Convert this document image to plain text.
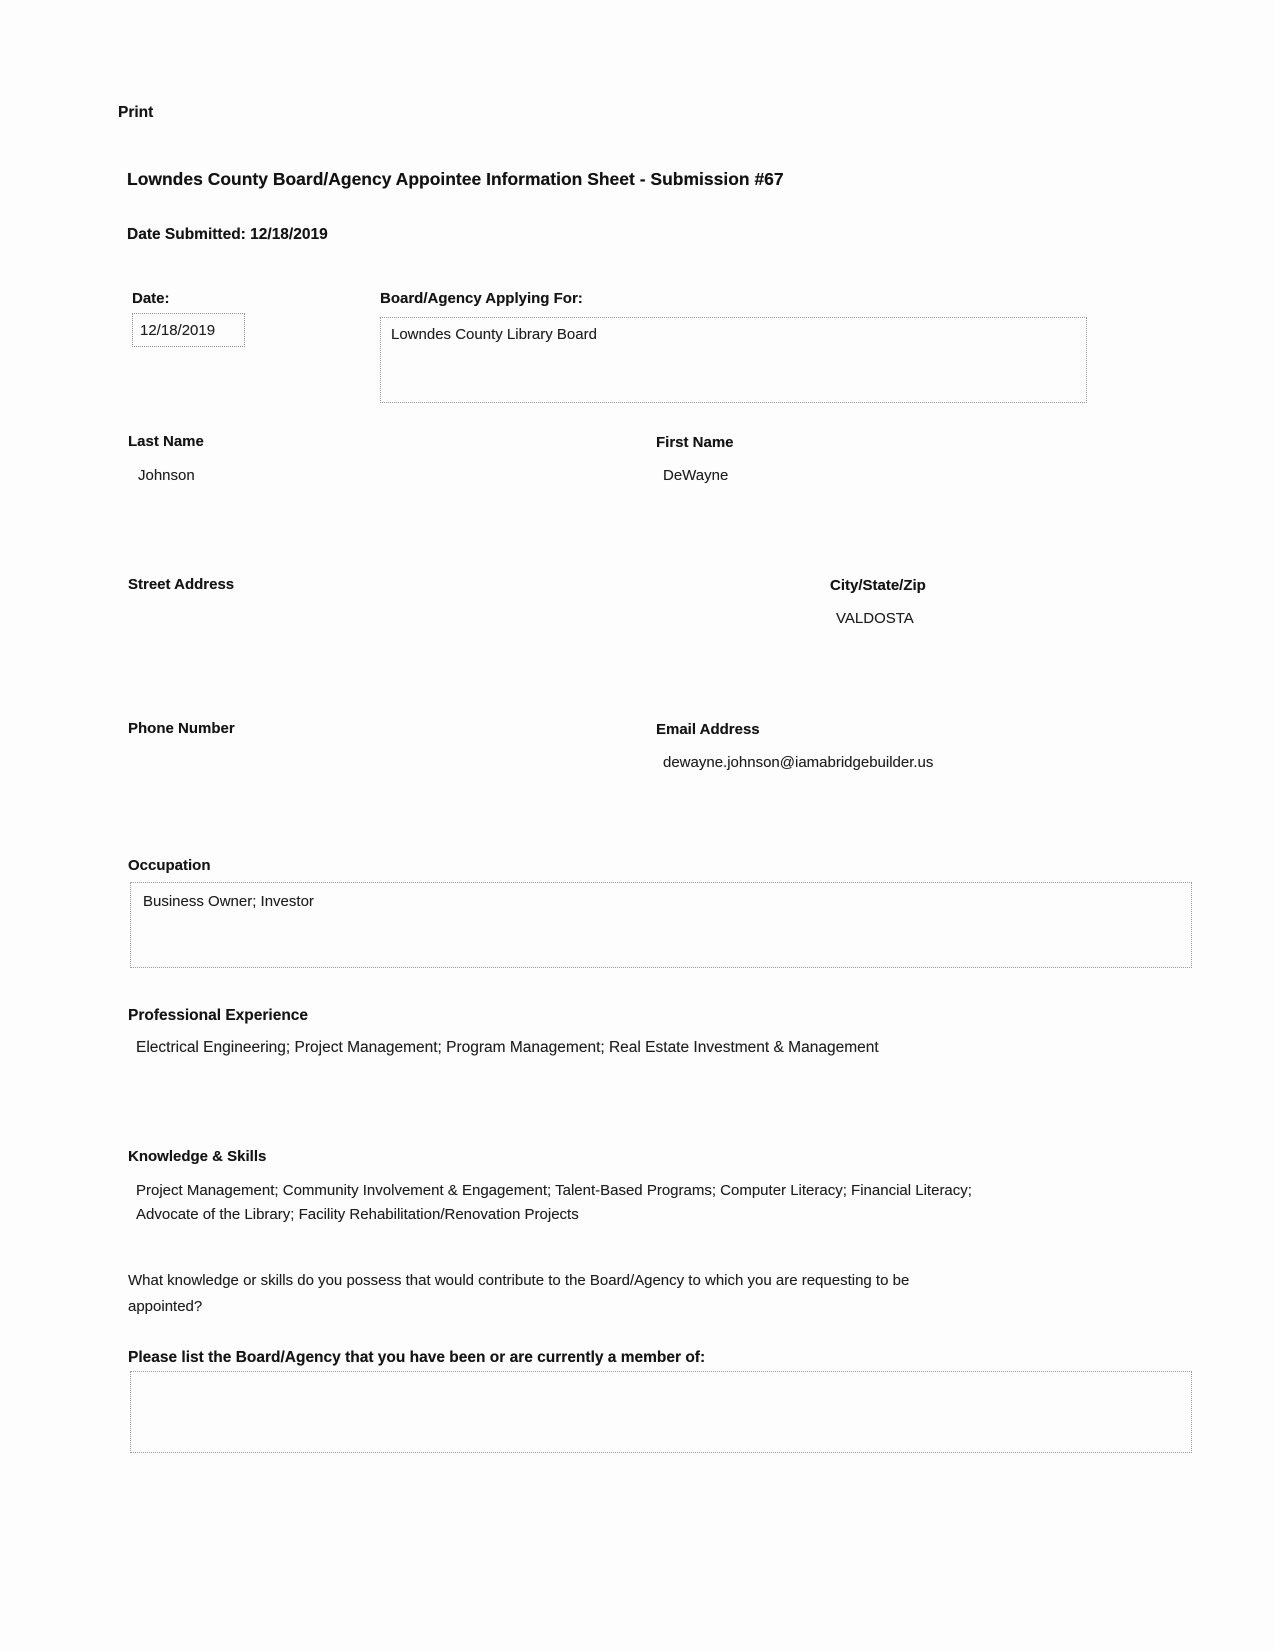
Print
Lowndes County Board/Agency Appointee Information Sheet - Submission #67
Date Submitted: 12/18/2019
Date:
12/18/2019
Board/Agency Applying For:
Lowndes County Library Board
Last Name
Johnson
First Name
DeWayne
Street Address	City/State/Zip
VALDOSTA
Phone Number	Email Address
dewayne.johnson@iamabridgebuilder.us
Occupation
Business Owner; Investor
Professional Experience
Electrical Engineering; Project Management; Program Management; Real Estate Investment & Management
Knowledge & Skills
Project Management; Community Involvement & Engagement; Talent-Based Programs; Computer Literacy; Financial Literacy;
Advocate of the Library; Facility Rehabilitation/Renovation Projects
What knowledge or skills do you possess that would contribute to the Board/Agency to which you are requesting to be
appointed?
Please list the Board/Agency that you have been or are currently a member of:
